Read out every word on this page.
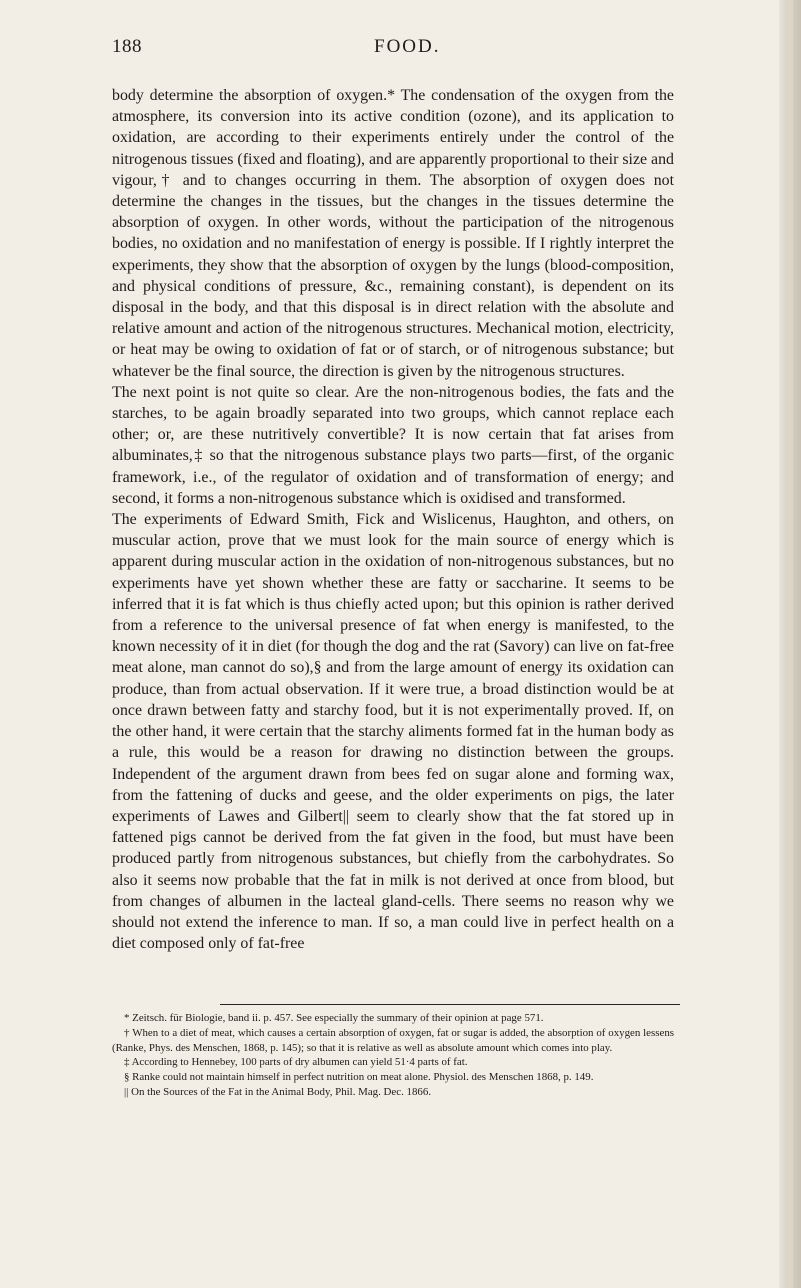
188	FOOD.

body determine the absorption of oxygen.* The condensation of the oxygen from the atmosphere, its conversion into its active condition (ozone), and its application to oxidation, are according to their experiments entirely under the control of the nitrogenous tissues (fixed and floating), and are apparently proportional to their size and vigour,† and to changes occurring in them. The absorption of oxygen does not determine the changes in the tissues, but the changes in the tissues determine the absorption of oxygen. In other words, without the participation of the nitrogenous bodies, no oxidation and no manifestation of energy is possible. If I rightly interpret the experiments, they show that the absorption of oxygen by the lungs (blood-composition, and physical conditions of pressure, &c., remaining constant), is dependent on its disposal in the body, and that this disposal is in direct relation with the absolute and relative amount and action of the nitrogenous structures. Mechanical motion, electricity, or heat may be owing to oxidation of fat or of starch, or of nitrogenous substance; but whatever be the final source, the direction is given by the nitrogenous structures.

The next point is not quite so clear. Are the non-nitrogenous bodies, the fats and the starches, to be again broadly separated into two groups, which cannot replace each other; or, are these nutritively convertible? It is now certain that fat arises from albuminates,‡ so that the nitrogenous substance plays two parts—first, of the organic framework, i.e., of the regulator of oxidation and of transformation of energy; and second, it forms a non-nitrogenous substance which is oxidised and transformed.

The experiments of Edward Smith, Fick and Wislicenus, Haughton, and others, on muscular action, prove that we must look for the main source of energy which is apparent during muscular action in the oxidation of non-nitrogenous substances, but no experiments have yet shown whether these are fatty or saccharine. It seems to be inferred that it is fat which is thus chiefly acted upon; but this opinion is rather derived from a reference to the universal presence of fat when energy is manifested, to the known necessity of it in diet (for though the dog and the rat (Savory) can live on fat-free meat alone, man cannot do so),§ and from the large amount of energy its oxidation can produce, than from actual observation. If it were true, a broad distinction would be at once drawn between fatty and starchy food, but it is not experimentally proved. If, on the other hand, it were certain that the starchy aliments formed fat in the human body as a rule, this would be a reason for drawing no distinction between the groups. Independent of the argument drawn from bees fed on sugar alone and forming wax, from the fattening of ducks and geese, and the older experiments on pigs, the later experiments of Lawes and Gilbert|| seem to clearly show that the fat stored up in fattened pigs cannot be derived from the fat given in the food, but must have been produced partly from nitrogenous substances, but chiefly from the carbohydrates. So also it seems now probable that the fat in milk is not derived at once from blood, but from changes of albumen in the lacteal gland-cells. There seems no reason why we should not extend the inference to man. If so, a man could live in perfect health on a diet composed only of fat-free

* Zeitsch. für Biologie, band ii. p. 457. See especially the summary of their opinion at page 571.

† When to a diet of meat, which causes a certain absorption of oxygen, fat or sugar is added, the absorption of oxygen lessens (Ranke, Phys. des Menschen, 1868, p. 145); so that it is relative as well as absolute amount which comes into play.

‡ According to Hennebey, 100 parts of dry albumen can yield 51·4 parts of fat.

§ Ranke could not maintain himself in perfect nutrition on meat alone. Physiol. des Menschen 1868, p. 149.

|| On the Sources of the Fat in the Animal Body, Phil. Mag. Dec. 1866.
